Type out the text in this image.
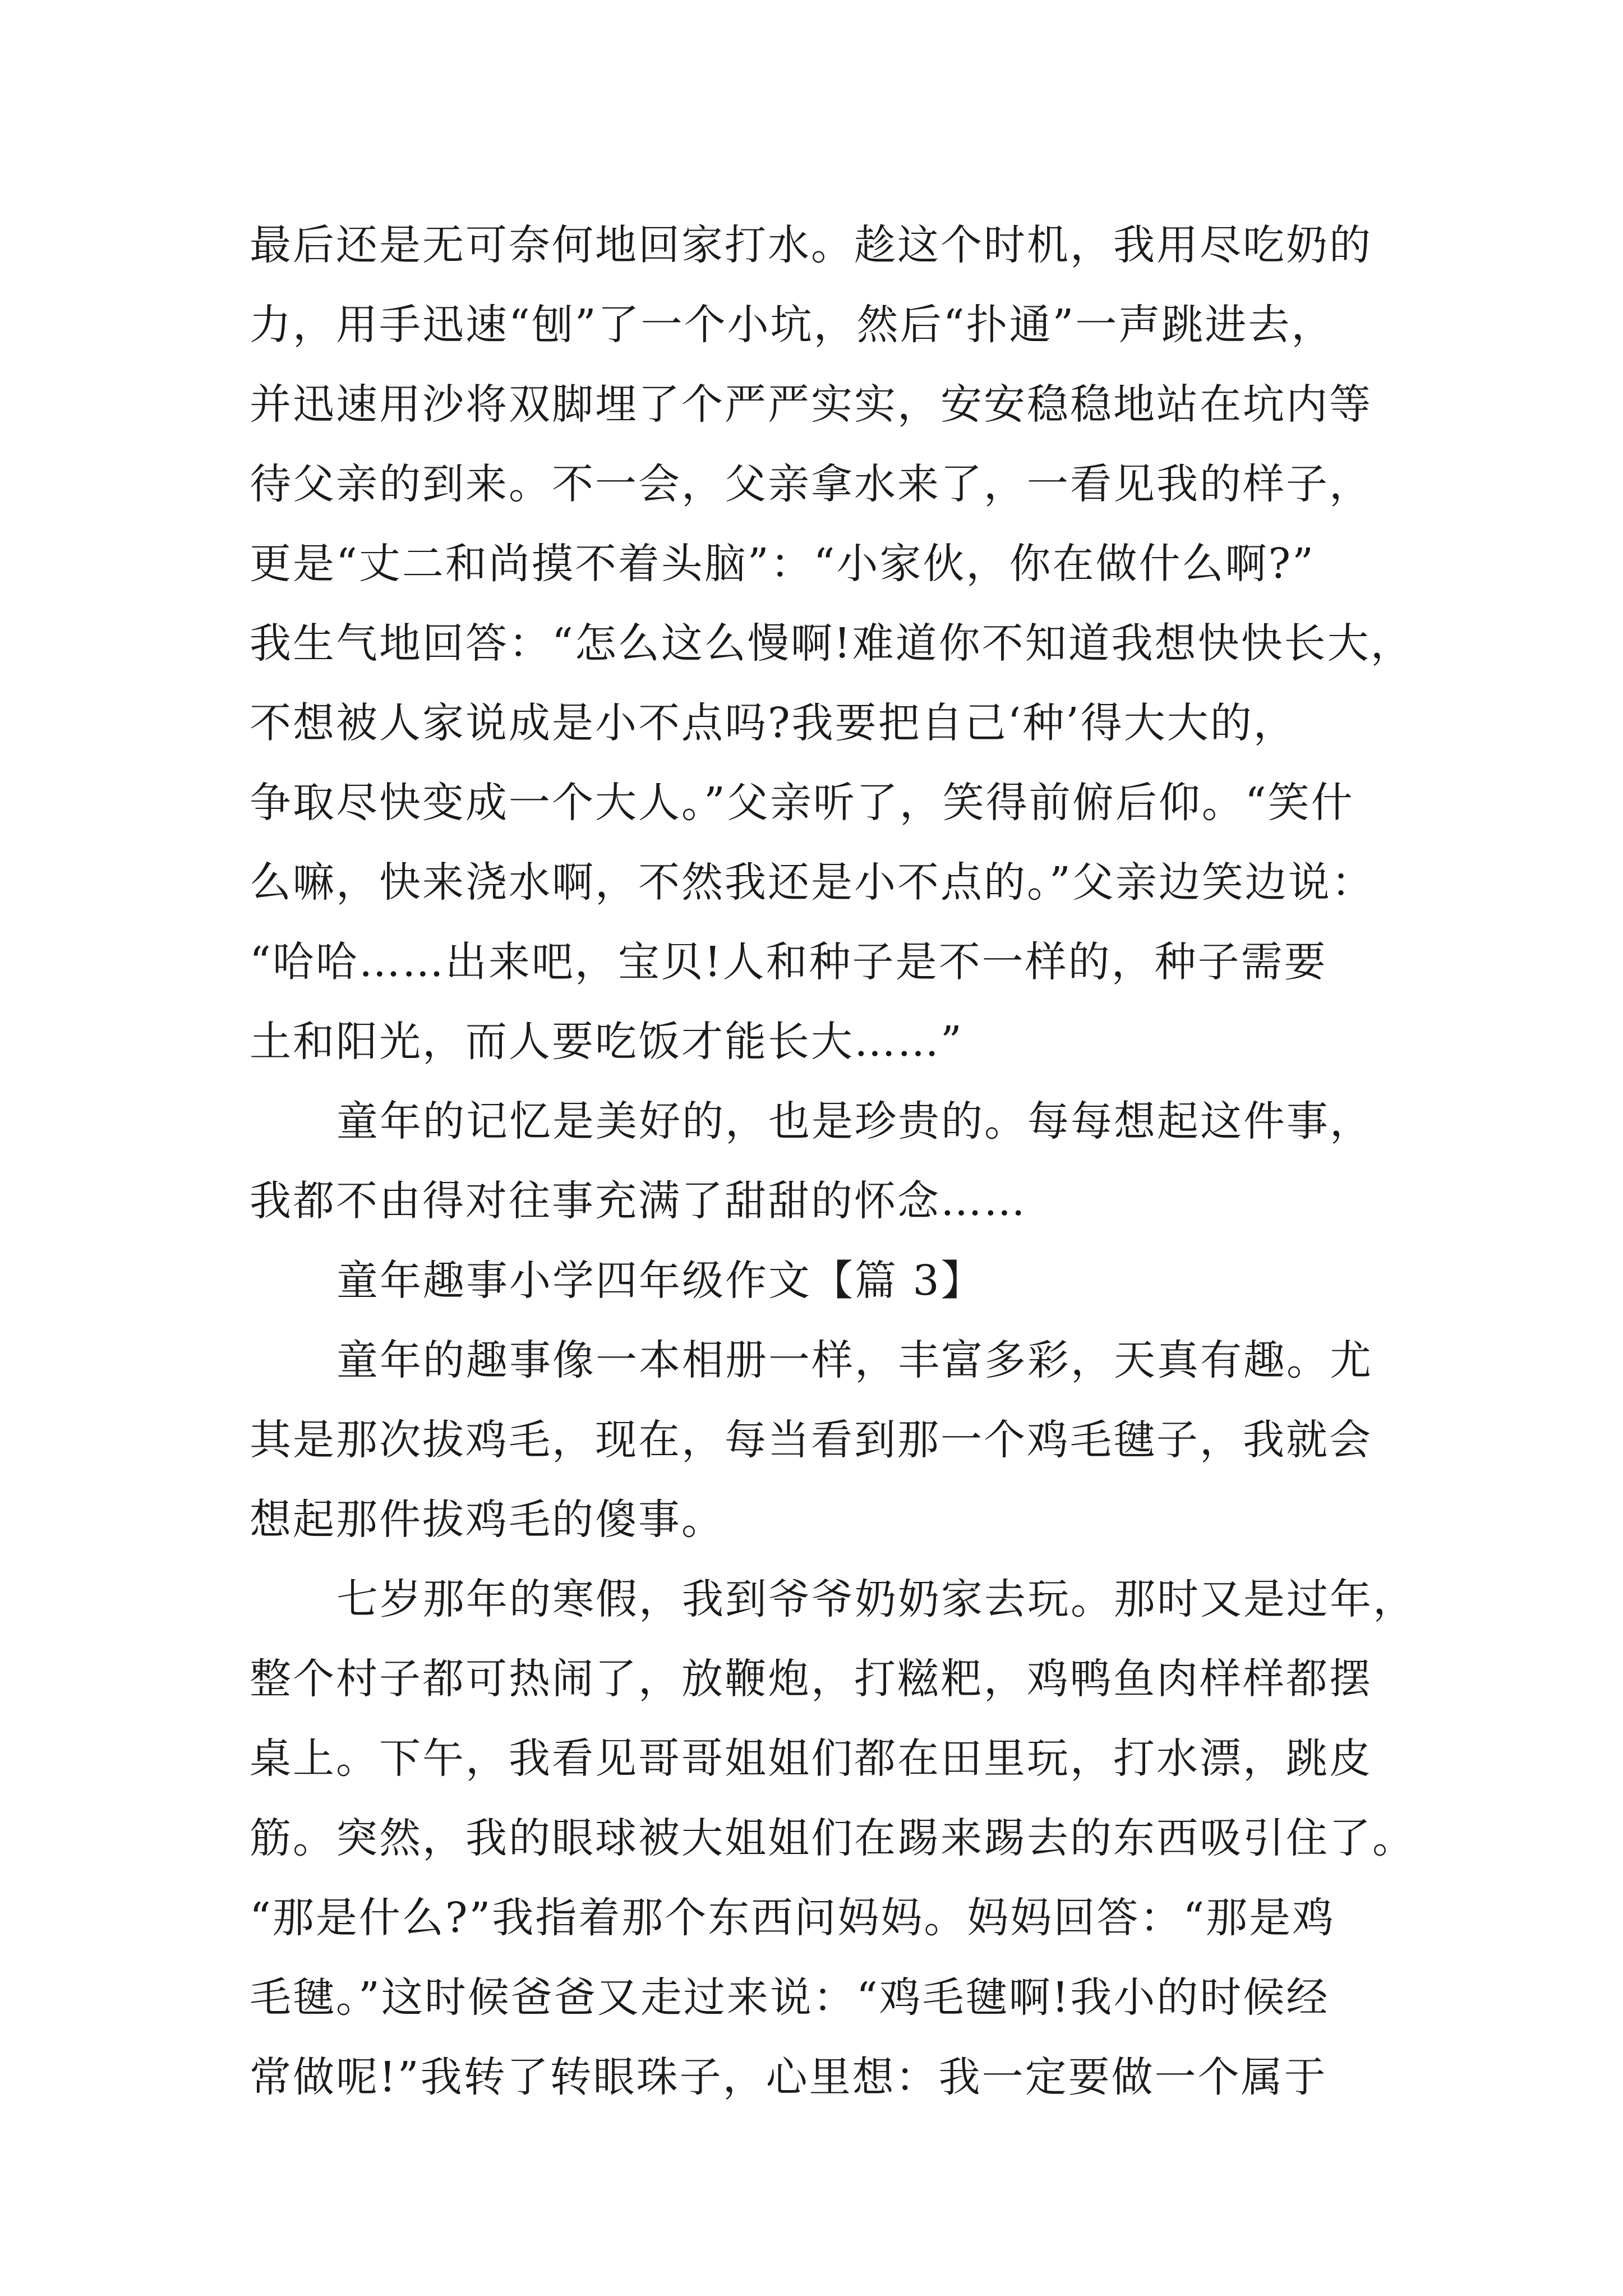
最后还是无可奈何地回家打水。趁这个时机，我用尽吃奶的
力，用手迅速“刨”了一个小坑，然后“扑通”一声跳进去，
并迅速用沙将双脚埋了个严严实实，安安稳稳地站在坑内等
待父亲的到来。不一会，父亲拿水来了，一看见我的样子，
更是“丈二和尚摸不着头脑”：“小家伙，你在做什么啊?”
我生气地回答：“怎么这么慢啊!难道你不知道我想快快长大，
不想被人家说成是小不点吗?我要把自己‘种’得大大的，
争取尽快变成一个大人。”父亲听了，笑得前俯后仰。“笑什
么嘛，快来浇水啊，不然我还是小不点的。”父亲边笑边说：
“哈哈……出来吧，宝贝!人和种子是不一样的，种子需要
土和阳光，而人要吃饭才能长大……”
童年的记忆是美好的，也是珍贵的。每每想起这件事，
我都不由得对往事充满了甜甜的怀念……
童年趣事小学四年级作文【篇 3】
童年的趣事像一本相册一样，丰富多彩，天真有趣。尤
其是那次拔鸡毛，现在，每当看到那一个鸡毛毽子，我就会
想起那件拔鸡毛的傻事。
七岁那年的寒假，我到爷爷奶奶家去玩。那时又是过年，
整个村子都可热闹了，放鞭炮，打糍粑，鸡鸭鱼肉样样都摆
桌上。下午，我看见哥哥姐姐们都在田里玩，打水漂，跳皮
筋。突然，我的眼球被大姐姐们在踢来踢去的东西吸引住了。
“那是什么?”我指着那个东西问妈妈。妈妈回答：“那是鸡
毛毽。”这时候爸爸又走过来说：“鸡毛毽啊!我小的时候经
常做呢!”我转了转眼珠子，心里想：我一定要做一个属于
